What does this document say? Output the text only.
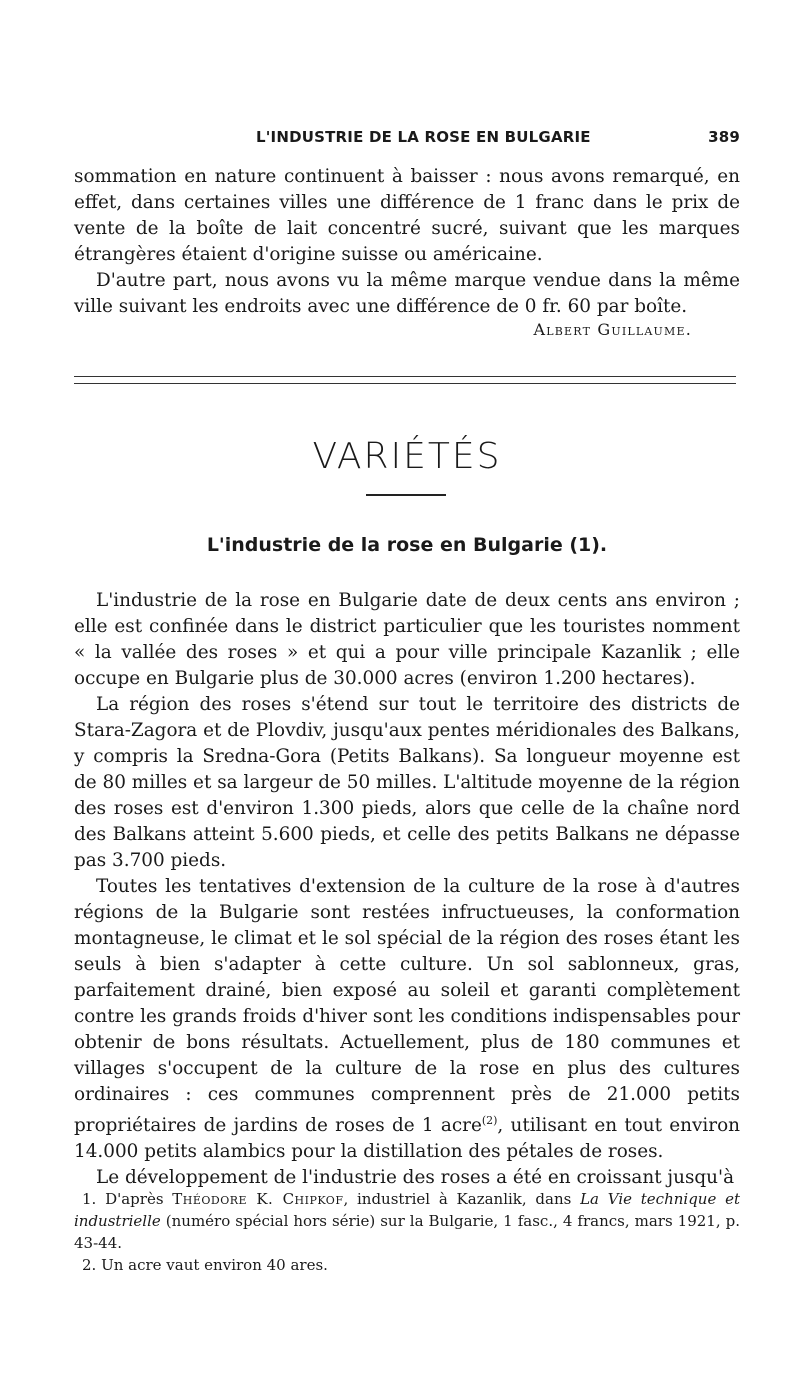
L'INDUSTRIE DE LA ROSE EN BULGARIE	389

sommation en nature continuent à baisser : nous avons remarqué, en effet, dans certaines villes une différence de 1 franc dans le prix de vente de la boîte de lait concentré sucré, suivant que les marques étrangères étaient d'origine suisse ou américaine.

D'autre part, nous avons vu la même marque vendue dans la même ville suivant les endroits avec une différence de 0 fr. 60 par boîte.

Albert Guillaume.
VARIÉTÉS
L'industrie de la rose en Bulgarie (1).

L'industrie de la rose en Bulgarie date de deux cents ans environ ; elle est confinée dans le district particulier que les touristes nomment « la vallée des roses » et qui a pour ville principale Kazanlik ; elle occupe en Bulgarie plus de 30.000 acres (environ 1.200 hectares).

La région des roses s'étend sur tout le territoire des districts de Stara-Zagora et de Plovdiv, jusqu'aux pentes méridionales des Balkans, y compris la Sredna-Gora (Petits Balkans). Sa longueur moyenne est de 80 milles et sa largeur de 50 milles. L'altitude moyenne de la région des roses est d'environ 1.300 pieds, alors que celle de la chaîne nord des Balkans atteint 5.600 pieds, et celle des petits Balkans ne dépasse pas 3.700 pieds.

Toutes les tentatives d'extension de la culture de la rose à d'autres régions de la Bulgarie sont restées infructueuses, la conformation montagneuse, le climat et le sol spécial de la région des roses étant les seuls à bien s'adapter à cette culture. Un sol sablonneux, gras, parfaitement drainé, bien exposé au soleil et garanti complètement contre les grands froids d'hiver sont les conditions indispensables pour obtenir de bons résultats. Actuellement, plus de 180 communes et villages s'occupent de la culture de la rose en plus des cultures ordinaires : ces communes comprennent près de 21.000 petits propriétaires de jardins de roses de 1 acre$^{(2)}$, utilisant en tout environ 14.000 petits alambics pour la distillation des pétales de roses.

Le développement de l'industrie des roses a été en croissant jusqu'à

1. D'après Théodore K. Chipkof, industriel à Kazanlik, dans La Vie technique et industrielle (numéro spécial hors série) sur la Bulgarie, 1 fasc., 4 francs, mars 1921, p. 43-44.

2. Un acre vaut environ 40 ares.
